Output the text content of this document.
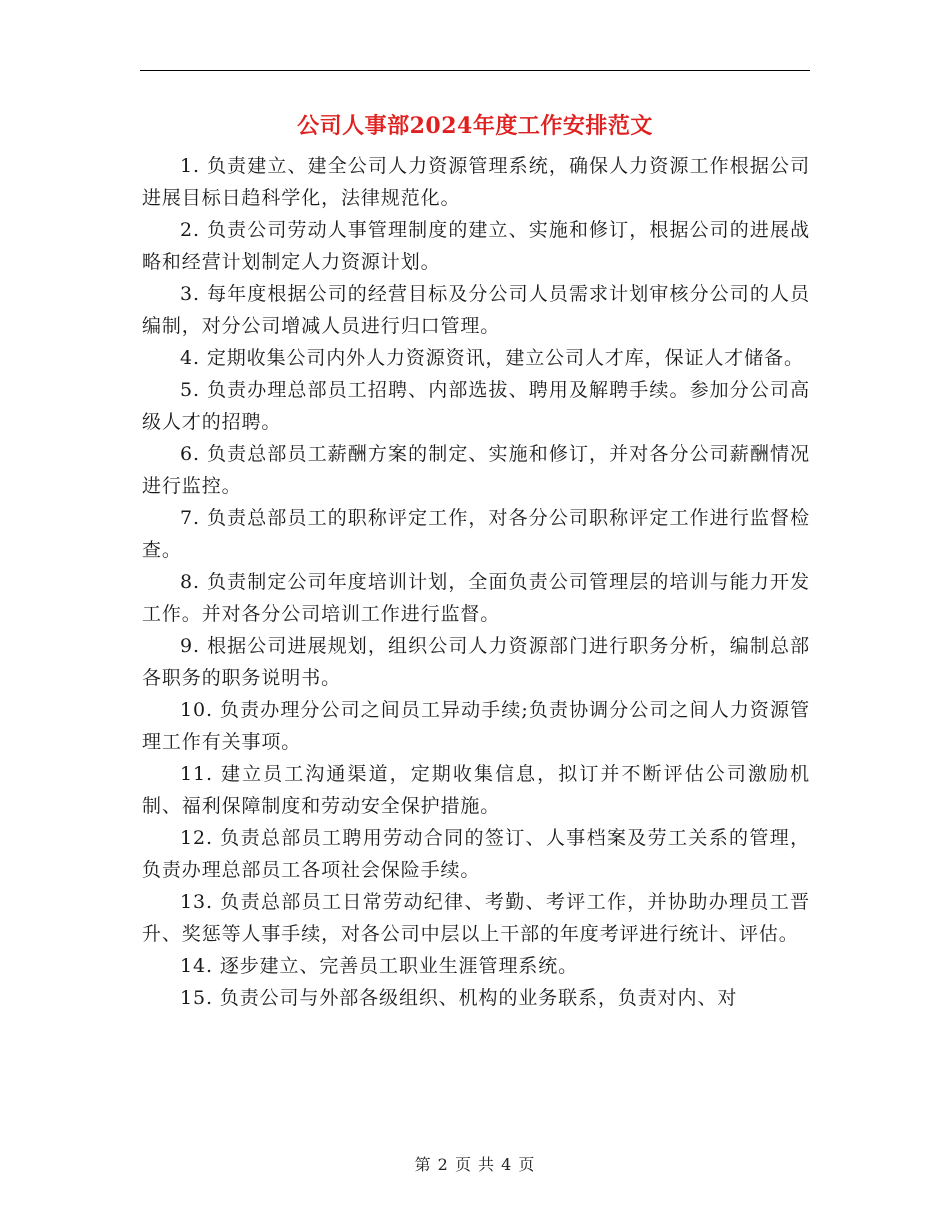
公司人事部2024年度工作安排范文

1. 负责建立、建全公司人力资源管理系统，确保人力资源工作根据公司进展目标日趋科学化，法律规范化。

2. 负责公司劳动人事管理制度的建立、实施和修订，根据公司的进展战略和经营计划制定人力资源计划。

3. 每年度根据公司的经营目标及分公司人员需求计划审核分公司的人员编制，对分公司增减人员进行归口管理。

4. 定期收集公司内外人力资源资讯，建立公司人才库，保证人才储备。

5. 负责办理总部员工招聘、内部选拔、聘用及解聘手续。参加分公司高级人才的招聘。

6. 负责总部员工薪酬方案的制定、实施和修订，并对各分公司薪酬情况进行监控。

7. 负责总部员工的职称评定工作，对各分公司职称评定工作进行监督检查。

8. 负责制定公司年度培训计划，全面负责公司管理层的培训与能力开发工作。并对各分公司培训工作进行监督。

9. 根据公司进展规划，组织公司人力资源部门进行职务分析，编制总部各职务的职务说明书。

10. 负责办理分公司之间员工异动手续;负责协调分公司之间人力资源管理工作有关事项。

11. 建立员工沟通渠道，定期收集信息，拟订并不断评估公司激励机制、福利保障制度和劳动安全保护措施。

12. 负责总部员工聘用劳动合同的签订、人事档案及劳工关系的管理，负责办理总部员工各项社会保险手续。

13. 负责总部员工日常劳动纪律、考勤、考评工作，并协助办理员工晋升、奖惩等人事手续，对各公司中层以上干部的年度考评进行统计、评估。

14. 逐步建立、完善员工职业生涯管理系统。

15. 负责公司与外部各级组织、机构的业务联系，负责对内、对

第 2 页 共 4 页
